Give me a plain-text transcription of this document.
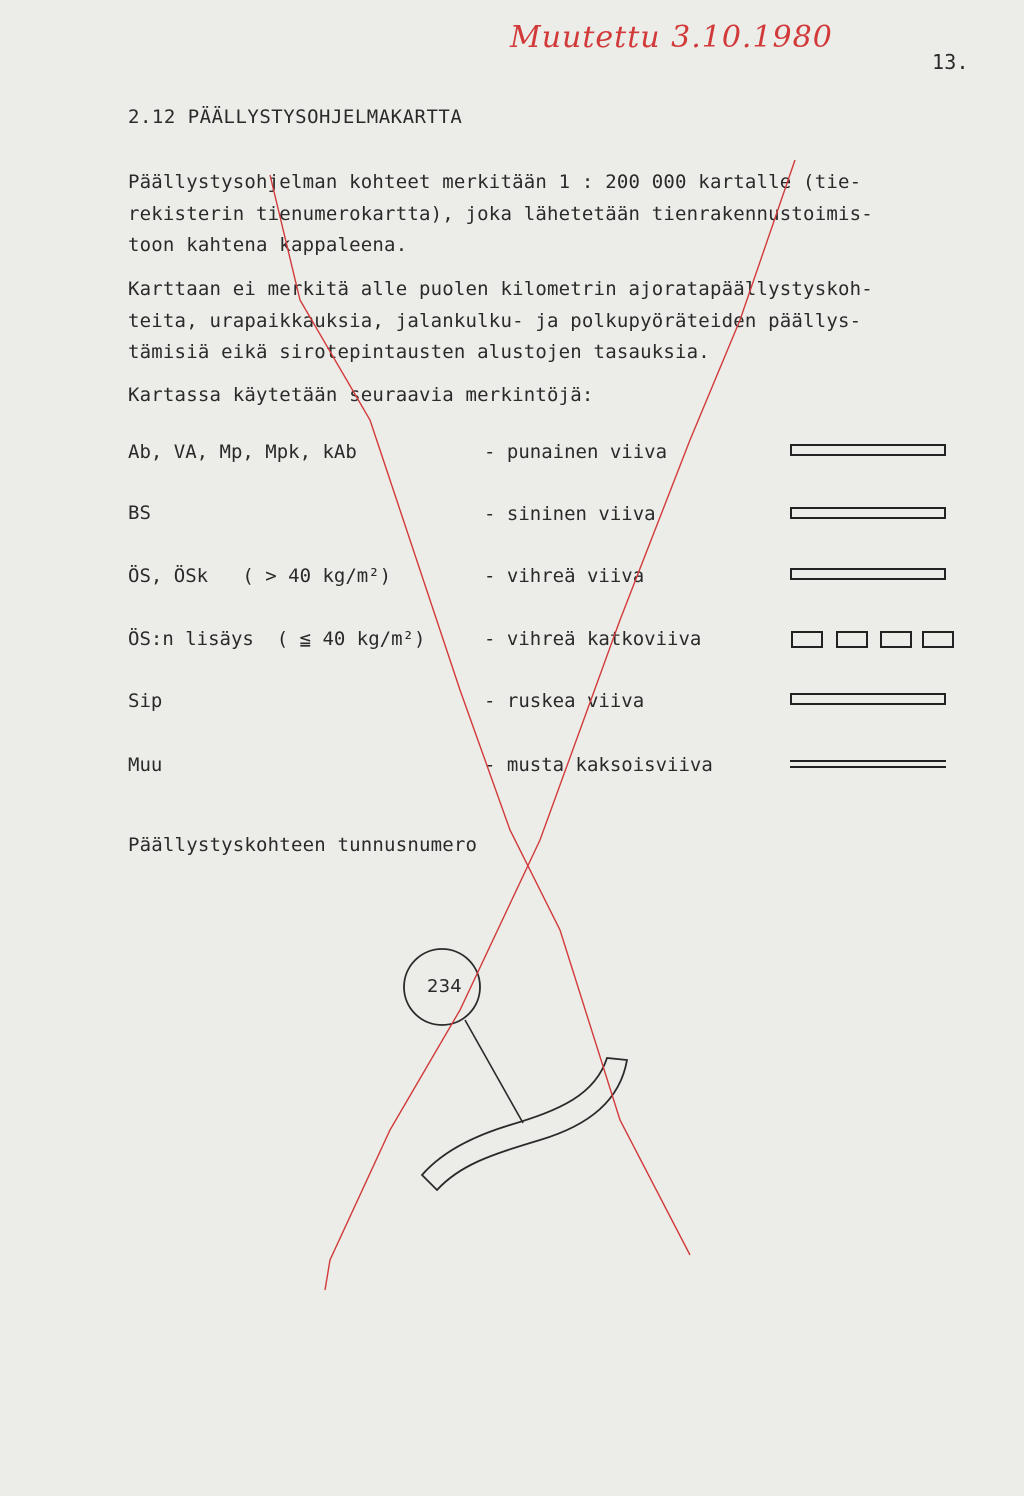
Muutettu 3.10.1980
13.
2.12 PÄÄLLYSTYSOHJELMAKARTTA
Päällystysohjelman kohteet merkitään 1 : 200 000 kartalle (tie-
rekisterin tienumerokartta), joka lähetetään tienrakennustoimis-
toon kahtena kappaleena.
Karttaan ei merkitä alle puolen kilometrin ajoratapäällystyskoh-
teita, urapaikkauksia, jalankulku- ja polkupyöräteiden päällys-
tämisiä eikä sirotepintausten alustojen tasauksia.
Kartassa käytetään seuraavia merkintöjä:
Ab, VA, Mp, Mpk, kAb	- punainen viiva
BS	- sininen viiva
ÖS, ÖSk   ( > 40 kg/m²)	- vihreä viiva
ÖS:n lisäys  ( ≦ 40 kg/m²)	- vihreä katkoviiva
Sip	- ruskea viiva
Muu	- musta kaksoisviiva
Päällystyskohteen tunnusnumero
234
